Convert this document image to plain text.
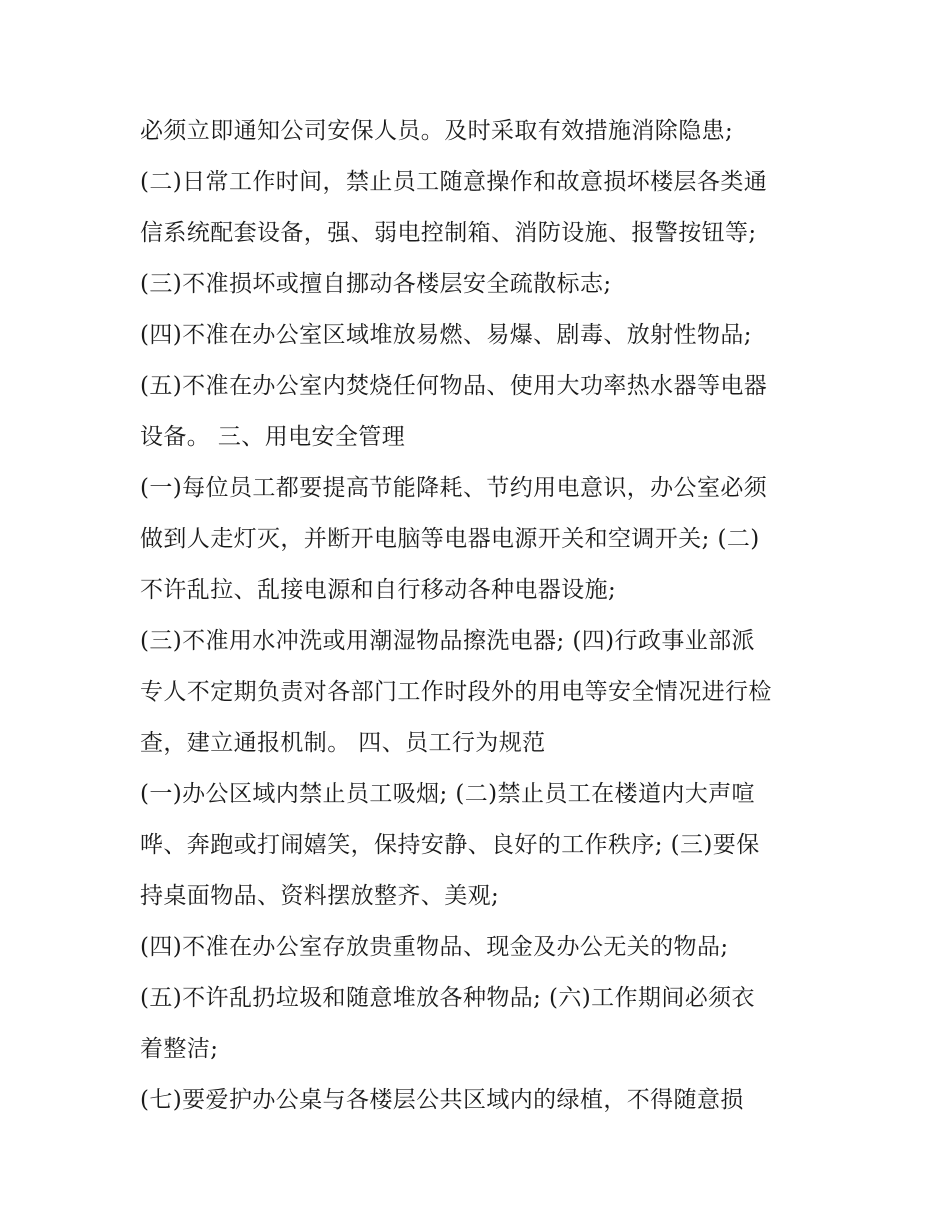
必须立即通知公司安保人员。及时采取有效措施消除隐患;
(二)日常工作时间，禁止员工随意操作和故意损坏楼层各类通
信系统配套设备，强、弱电控制箱、消防设施、报警按钮等;
(三)不准损坏或擅自挪动各楼层安全疏散标志;
(四)不准在办公室区域堆放易燃、易爆、剧毒、放射性物品;
(五)不准在办公室内焚烧任何物品、使用大功率热水器等电器
设备。 三、用电安全管理
(一)每位员工都要提高节能降耗、节约用电意识，办公室必须
做到人走灯灭，并断开电脑等电器电源开关和空调开关; (二)
不许乱拉、乱接电源和自行移动各种电器设施;
(三)不准用水冲洗或用潮湿物品擦洗电器; (四)行政事业部派
专人不定期负责对各部门工作时段外的用电等安全情况进行检
查，建立通报机制。 四、员工行为规范
(一)办公区域内禁止员工吸烟; (二)禁止员工在楼道内大声喧
哗、奔跑或打闹嬉笑，保持安静、良好的工作秩序; (三)要保
持桌面物品、资料摆放整齐、美观;
(四)不准在办公室存放贵重物品、现金及办公无关的物品;
(五)不许乱扔垃圾和随意堆放各种物品; (六)工作期间必须衣
着整洁;
(七)要爱护办公桌与各楼层公共区域内的绿植，不得随意损
